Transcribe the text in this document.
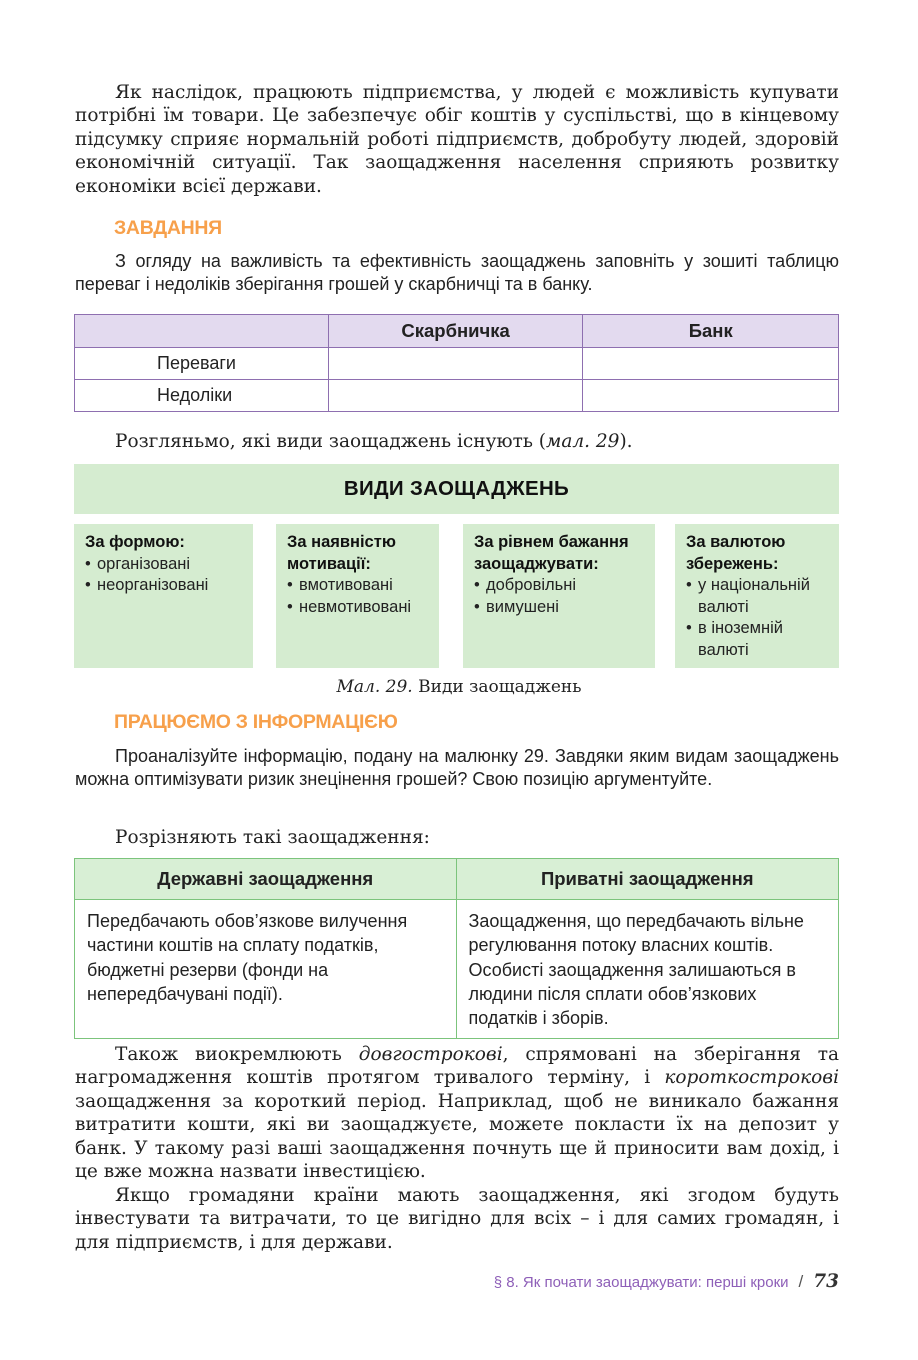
Як наслідок, працюють підприємства, у людей є можливість купувати потрібні їм товари. Це забезпечує обіг коштів у суспільстві, що в кінцевому підсумку сприяє нормальній роботі підприємств, добробуту людей, здоровій економічній ситуації. Так заощадження населення сприяють розвитку економіки всієї держави.

ЗАВДАННЯ

З огляду на важливість та ефективність заощаджень заповніть у зошиті таблицю переваг і недоліків зберігання грошей у скарбничці та в банку.

	Скарбничка	Банк
Переваги		
Недоліки		

Розгляньмо, які види заощаджень існують (мал. 29).

ВИДИ ЗАОЩАДЖЕНЬ
За формою:
• організовані
• неорганізовані
За наявністю мотивації:
• вмотивовані
• невмотивовані
За рівнем бажання заощаджувати:
• добровільні
• вимушені
За валютою збережень:
• у національній валюті
• в іноземній валюті
Мал. 29. Види заощаджень

ПРАЦЮЄМО З ІНФОРМАЦІЄЮ

Проаналізуйте інформацію, подану на малюнку 29. Завдяки яким видам заощаджень можна оптимізувати ризик знецінення грошей? Свою позицію аргументуйте.

Розрізняють такі заощадження:

Державні заощадження	Приватні заощадження
Передбачають обов’язкове вилучення частини коштів на сплату податків, бюджетні резерви (фонди на непередбачувані події).	Заощадження, що передбачають вільне регулювання потоку власних коштів. Особисті заощадження залишаються в людини після сплати обов’язкових податків і зборів.

Також виокремлюють довгострокові, спрямовані на зберігання та нагромадження коштів протягом тривалого терміну, і короткострокові заощадження за короткий період. Наприклад, щоб не виникало бажання витратити кошти, які ви заощаджуєте, можете покласти їх на депозит у банк. У такому разі ваші заощадження почнуть ще й приносити вам дохід, і це вже можна назвати інвестицією.

Якщо громадяни країни мають заощадження, які згодом будуть інвестувати та витрачати, то це вигідно для всіх – і для самих громадян, і для підприємств, і для держави.

§ 8. Як почати заощаджувати: перші кроки / 73
